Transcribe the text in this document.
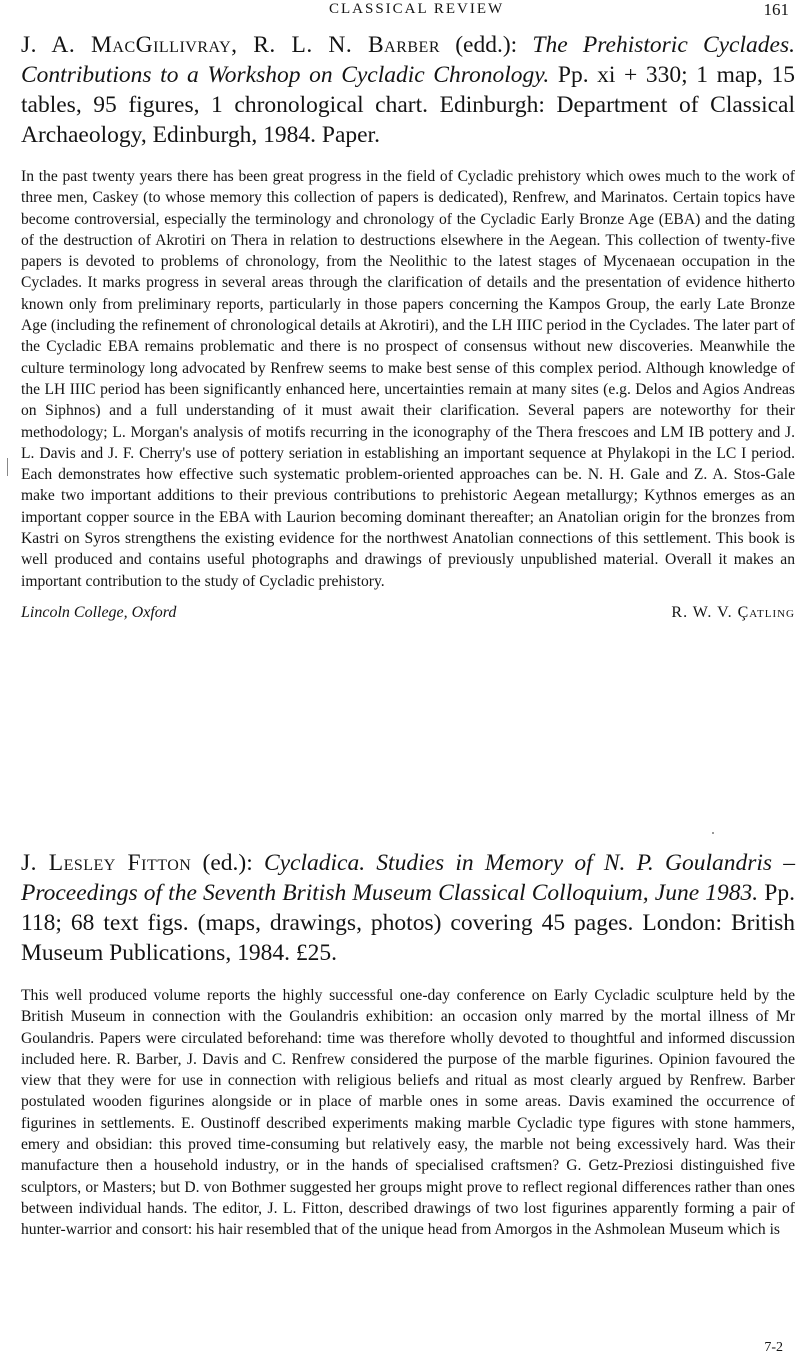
CLASSICAL REVIEW	161

J. A. MacGillivray, R. L. N. Barber (edd.): The Prehistoric Cyclades. Contributions to a Workshop on Cycladic Chronology. Pp. xi + 330; 1 map, 15 tables, 95 figures, 1 chronological chart. Edinburgh: Department of Classical Archaeology, Edinburgh, 1984. Paper.

In the past twenty years there has been great progress in the field of Cycladic prehistory which owes much to the work of three men, Caskey (to whose memory this collection of papers is dedicated), Renfrew, and Marinatos. Certain topics have become controversial, especially the terminology and chronology of the Cycladic Early Bronze Age (EBA) and the dating of the destruction of Akrotiri on Thera in relation to destructions elsewhere in the Aegean. This collection of twenty-five papers is devoted to problems of chronology, from the Neolithic to the latest stages of Mycenaean occupation in the Cyclades. It marks progress in several areas through the clarification of details and the presentation of evidence hitherto known only from preliminary reports, particularly in those papers concerning the Kampos Group, the early Late Bronze Age (including the refinement of chronological details at Akrotiri), and the LH IIIC period in the Cyclades. The later part of the Cycladic EBA remains problematic and there is no prospect of consensus without new discoveries. Meanwhile the culture terminology long advocated by Renfrew seems to make best sense of this complex period. Although knowledge of the LH IIIC period has been significantly enhanced here, uncertainties remain at many sites (e.g. Delos and Agios Andreas on Siphnos) and a full understanding of it must await their clarification. Several papers are noteworthy for their methodology; L. Morgan's analysis of motifs recurring in the iconography of the Thera frescoes and LM IB pottery and J. L. Davis and J. F. Cherry's use of pottery seriation in establishing an important sequence at Phylakopi in the LC I period. Each demonstrates how effective such systematic problem-oriented approaches can be. N. H. Gale and Z. A. Stos-Gale make two important additions to their previous contributions to prehistoric Aegean metallurgy; Kythnos emerges as an important copper source in the EBA with Laurion becoming dominant thereafter; an Anatolian origin for the bronzes from Kastri on Syros strengthens the existing evidence for the northwest Anatolian connections of this settlement. This book is well produced and contains useful photographs and drawings of previously unpublished material. Overall it makes an important contribution to the study of Cycladic prehistory.

Lincoln College, Oxford	R. W. V. Çatling

J. Lesley Fitton (ed.): Cycladica. Studies in Memory of N. P. Goulandris – Proceedings of the Seventh British Museum Classical Colloquium, June 1983. Pp. 118; 68 text figs. (maps, drawings, photos) covering 45 pages. London: British Museum Publications, 1984. £25.

This well produced volume reports the highly successful one-day conference on Early Cycladic sculpture held by the British Museum in connection with the Goulandris exhibition: an occasion only marred by the mortal illness of Mr Goulandris. Papers were circulated beforehand: time was therefore wholly devoted to thoughtful and informed discussion included here. R. Barber, J. Davis and C. Renfrew considered the purpose of the marble figurines. Opinion favoured the view that they were for use in connection with religious beliefs and ritual as most clearly argued by Renfrew. Barber postulated wooden figurines alongside or in place of marble ones in some areas. Davis examined the occurrence of figurines in settlements. E. Oustinoff described experiments making marble Cycladic type figures with stone hammers, emery and obsidian: this proved time-consuming but relatively easy, the marble not being excessively hard. Was their manufacture then a household industry, or in the hands of specialised craftsmen? G. Getz-Preziosi distinguished five sculptors, or Masters; but D. von Bothmer suggested her groups might prove to reflect regional differences rather than ones between individual hands. The editor, J. L. Fitton, described drawings of two lost figurines apparently forming a pair of hunter-warrior and consort: his hair resembled that of the unique head from Amorgos in the Ashmolean Museum which is

7-2
